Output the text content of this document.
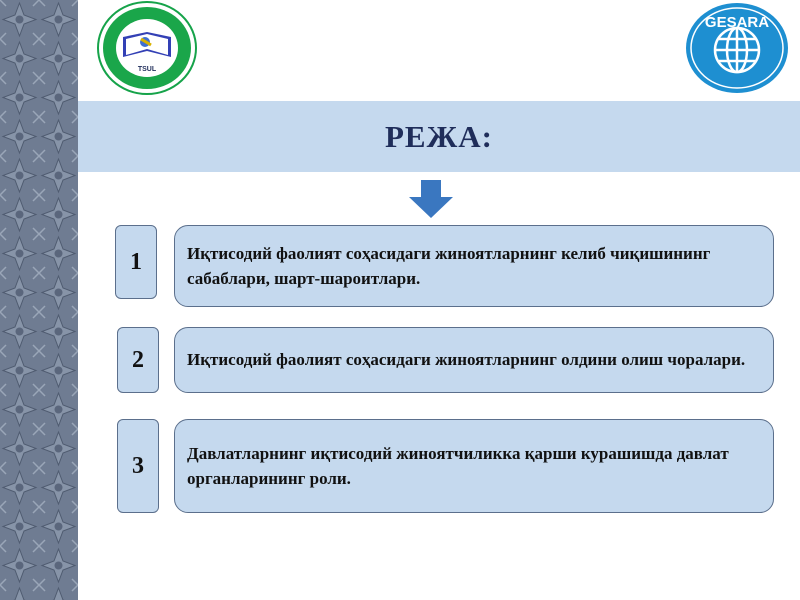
TSUL
GESARA
РЕЖА:
1	Иқтисодий фаолият соҳасидаги жиноятларнинг келиб чиқишининг сабаблари, шарт-шароитлари.
2	Иқтисодий фаолият соҳасидаги жиноятларнинг олдини олиш чоралари.
3	Давлатларнинг иқтисодий жиноятчиликка қарши курашишда давлат органларининг роли.
